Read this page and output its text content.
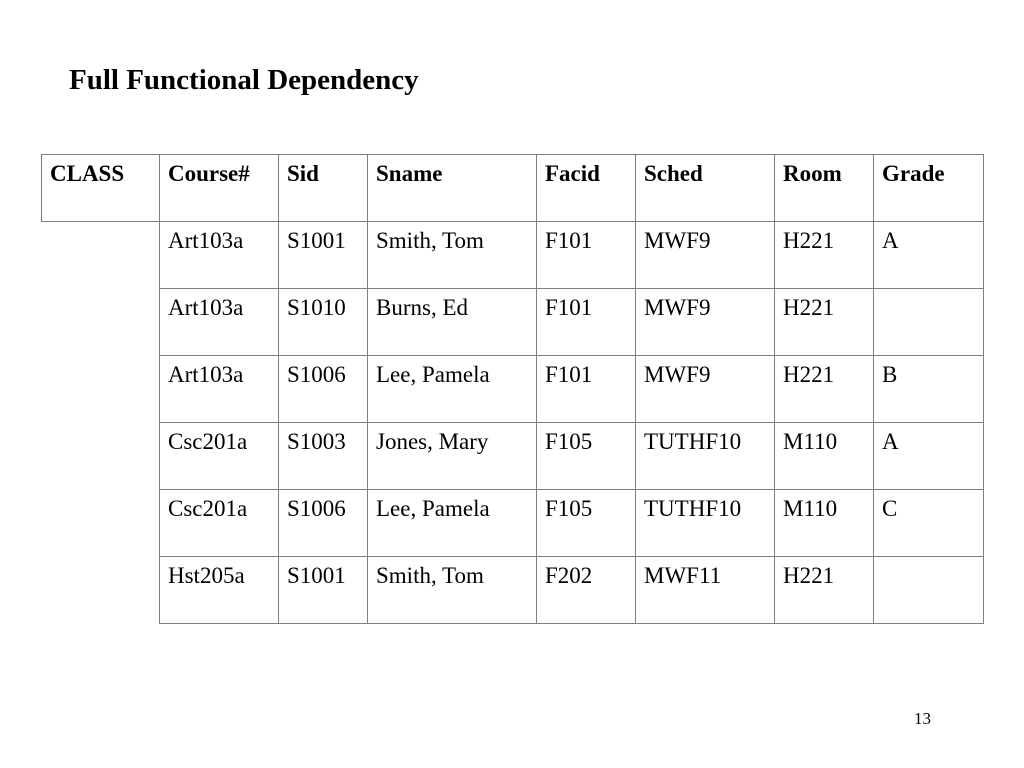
Full Functional Dependency
CLASS	Course#	Sid	Sname	Facid	Sched	Room	Grade
	Art103a	S1001	Smith, Tom	F101	MWF9	H221	A
	Art103a	S1010	Burns, Ed	F101	MWF9	H221	
	Art103a	S1006	Lee, Pamela	F101	MWF9	H221	B
	Csc201a	S1003	Jones, Mary	F105	TUTHF10	M110	A
	Csc201a	S1006	Lee, Pamela	F105	TUTHF10	M110	C
	Hst205a	S1001	Smith, Tom	F202	MWF11	H221	
13
